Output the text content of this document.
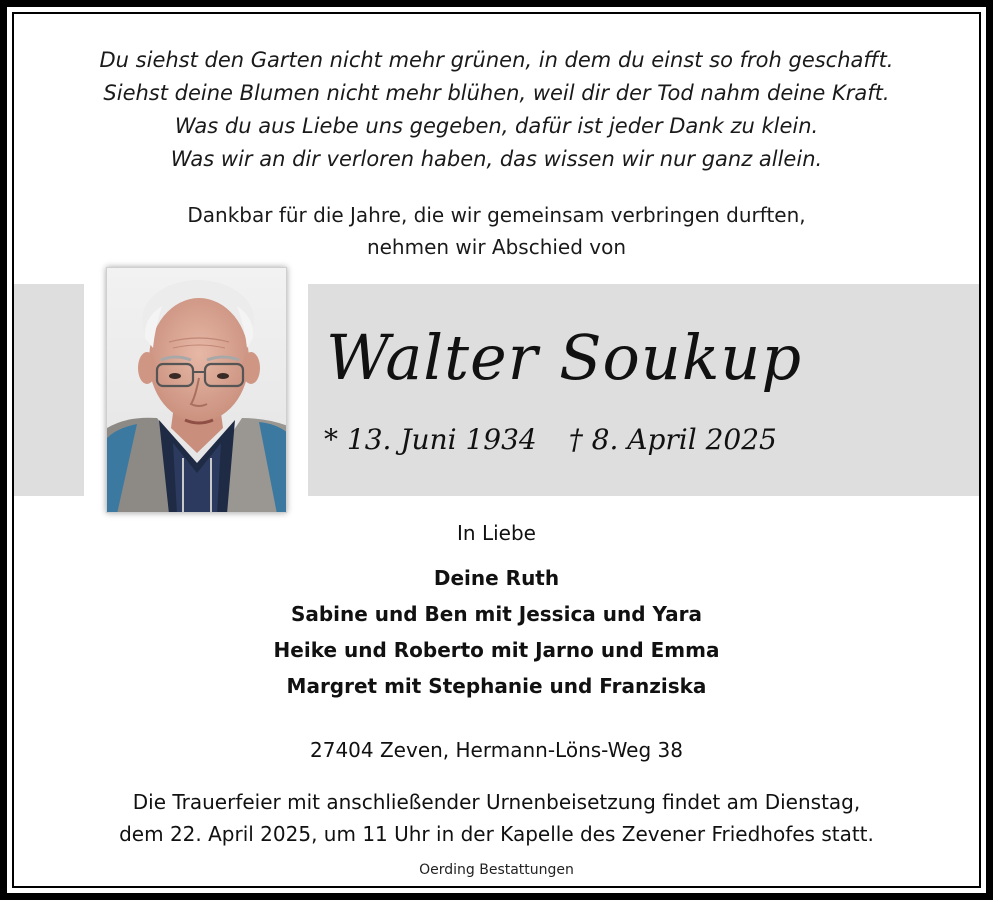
Du siehst den Garten nicht mehr grünen, in dem du einst so froh geschafft.
Siehst deine Blumen nicht mehr blühen, weil dir der Tod nahm deine Kraft.
Was du aus Liebe uns gegeben, dafür ist jeder Dank zu klein.
Was wir an dir verloren haben, das wissen wir nur ganz allein.
Dankbar für die Jahre, die wir gemeinsam verbringen durften,
nehmen wir Abschied von
Walter Soukup
* 13. Juni 1934 † 8. April 2025
In Liebe
Deine Ruth
Sabine und Ben mit Jessica und Yara
Heike und Roberto mit Jarno und Emma
Margret mit Stephanie und Franziska
27404 Zeven, Hermann-Löns-Weg 38
Die Trauerfeier mit anschließender Urnenbeisetzung findet am Dienstag,
dem 22. April 2025, um 11 Uhr in der Kapelle des Zevener Friedhofes statt.
Oerding Bestattungen
